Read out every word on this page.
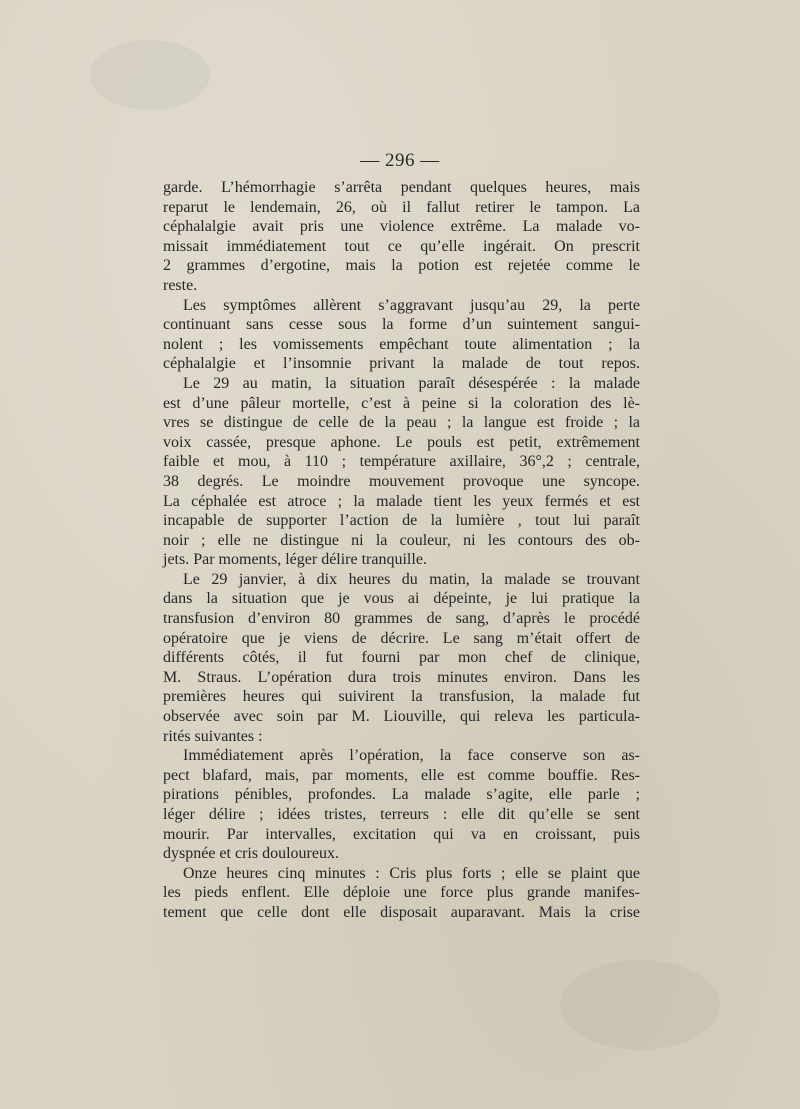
— 296 —
garde. L’hémorrhagie s’arrêta pendant quelques heures, mais
reparut le lendemain, 26, où il fallut retirer le tampon. La
céphalalgie avait pris une violence extrême. La malade vo-
missait immédiatement tout ce qu’elle ingérait. On prescrit
2 grammes d’ergotine, mais la potion est rejetée comme le
reste.
Les symptômes allèrent s’aggravant jusqu’au 29, la perte
continuant sans cesse sous la forme d’un suintement sangui-
nolent ; les vomissements empêchant toute alimentation ; la
céphalalgie et l’insomnie privant la malade de tout repos.
Le 29 au matin, la situation paraît désespérée : la malade
est d’une pâleur mortelle, c’est à peine si la coloration des lè-
vres se distingue de celle de la peau ; la langue est froide ; la
voix cassée, presque aphone. Le pouls est petit, extrêmement
faible et mou, à 110 ; température axillaire, 36°,2 ; centrale,
38 degrés. Le moindre mouvement provoque une syncope.
La céphalée est atroce ; la malade tient les yeux fermés et est
incapable de supporter l’action de la lumière , tout lui paraît
noir ; elle ne distingue ni la couleur, ni les contours des ob-
jets. Par moments, léger délire tranquille.
Le 29 janvier, à dix heures du matin, la malade se trouvant
dans la situation que je vous ai dépeinte, je lui pratique la
transfusion d’environ 80 grammes de sang, d’après le procédé
opératoire que je viens de décrire. Le sang m’était offert de
différents côtés, il fut fourni par mon chef de clinique,
M. Straus. L’opération dura trois minutes environ. Dans les
premières heures qui suivirent la transfusion, la malade fut
observée avec soin par M. Liouville, qui releva les particula-
rités suivantes :
Immédiatement après l’opération, la face conserve son as-
pect blafard, mais, par moments, elle est comme bouffie. Res-
pirations pénibles, profondes. La malade s’agite, elle parle ;
léger délire ; idées tristes, terreurs : elle dit qu’elle se sent
mourir. Par intervalles, excitation qui va en croissant, puis
dyspnée et cris douloureux.
Onze heures cinq minutes : Cris plus forts ; elle se plaint que
les pieds enflent. Elle déploie une force plus grande manifes-
tement que celle dont elle disposait auparavant. Mais la crise
